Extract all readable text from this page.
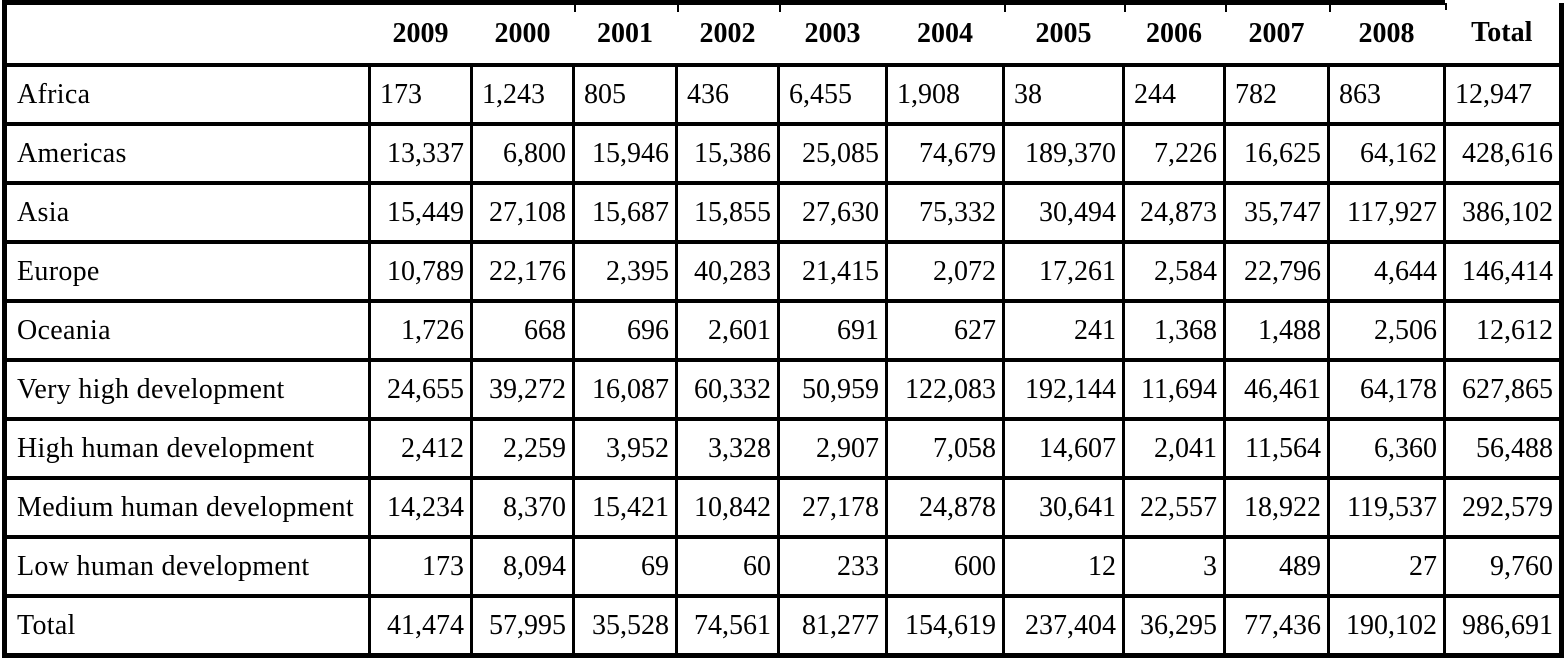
	2009	2000	2001	2002	2003	2004	2005	2006	2007	2008	Total
Africa	173	1,243	805	436	6,455	1,908	38	244	782	863	12,947
Americas	13,337	6,800	15,946	15,386	25,085	74,679	189,370	7,226	16,625	64,162	428,616
Asia	15,449	27,108	15,687	15,855	27,630	75,332	30,494	24,873	35,747	117,927	386,102
Europe	10,789	22,176	2,395	40,283	21,415	2,072	17,261	2,584	22,796	4,644	146,414
Oceania	1,726	668	696	2,601	691	627	241	1,368	1,488	2,506	12,612
Very high development	24,655	39,272	16,087	60,332	50,959	122,083	192,144	11,694	46,461	64,178	627,865
High human development	2,412	2,259	3,952	3,328	2,907	7,058	14,607	2,041	11,564	6,360	56,488
Medium human development	14,234	8,370	15,421	10,842	27,178	24,878	30,641	22,557	18,922	119,537	292,579
Low human development	173	8,094	69	60	233	600	12	3	489	27	9,760
Total	41,474	57,995	35,528	74,561	81,277	154,619	237,404	36,295	77,436	190,102	986,691
